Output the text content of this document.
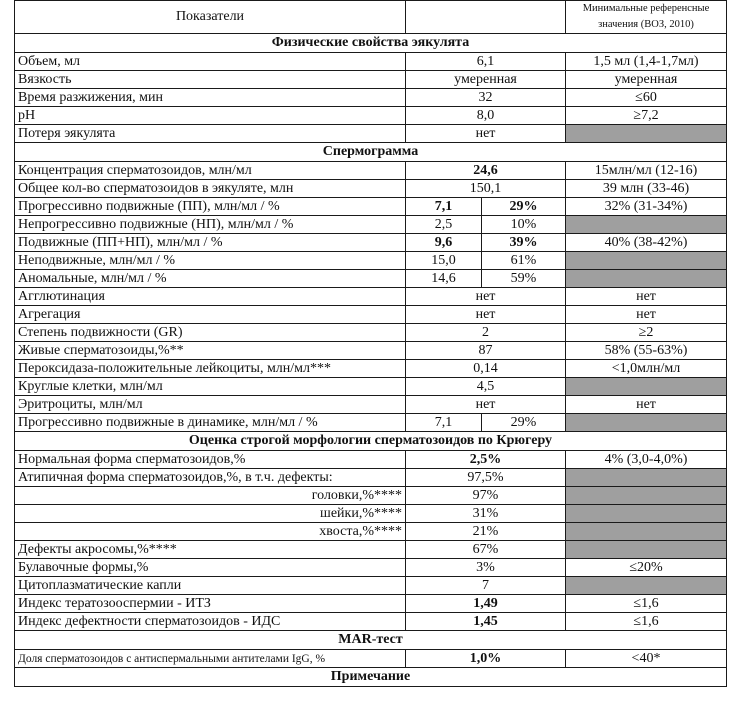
Показатели			Минимальные референсные значения (ВОЗ, 2010)
Физические свойства эякулята			
Объем, мл	6,1		1,5 мл (1,4-1,7мл)
Вязкость	умеренная		умеренная
Время разжижения, мин	32		≤60
pH	8,0		≥7,2
Потеря эякулята	нет		
Спермограмма			
Концентрация сперматозоидов, млн/мл	24,6		15млн/мл (12-16)
Общее кол-во сперматозоидов в эякуляте, млн	150,1		39 млн (33-46)
Прогрессивно подвижные (ПП), млн/мл / %	7,1	29%	32% (31-34%)
Непрогрессивно подвижные (НП), млн/мл / %	2,5	10%	
Подвижные (ПП+НП), млн/мл / %	9,6	39%	40% (38-42%)
Неподвижные, млн/мл / %	15,0	61%	
Аномальные, млн/мл / %	14,6	59%	
Агглютинация	нет		нет
Агрегация	нет		нет
Степень подвижности (GR)	2		≥2
Живые сперматозоиды,%**	87		58% (55-63%)
Пероксидаза-положительные лейкоциты, млн/мл***	0,14		<1,0млн/мл
Круглые клетки, млн/мл	4,5		
Эритроциты, млн/мл	нет		нет
Прогрессивно подвижные в динамике, млн/мл / %	7,1	29%	
Оценка строгой морфологии сперматозоидов по Крюгеру			
Нормальная форма сперматозоидов,%	2,5%		4% (3,0-4,0%)
Атипичная форма сперматозоидов,%, в т.ч. дефекты:	97,5%		
головки,%****	97%		
шейки,%****	31%		
хвоста,%****	21%		
Дефекты акросомы,%****	67%		
Булавочные формы,%	3%		≤20%
Цитоплазматические капли	7		
Индекс тератозооспермии - ИТЗ	1,49		≤1,6
Индекс дефектности сперматозоидов - ИДС	1,45		≤1,6
MAR-тест			
Доля сперматозоидов с антиспермальными антителами IgG, %	1,0%		<40*
Примечание			
